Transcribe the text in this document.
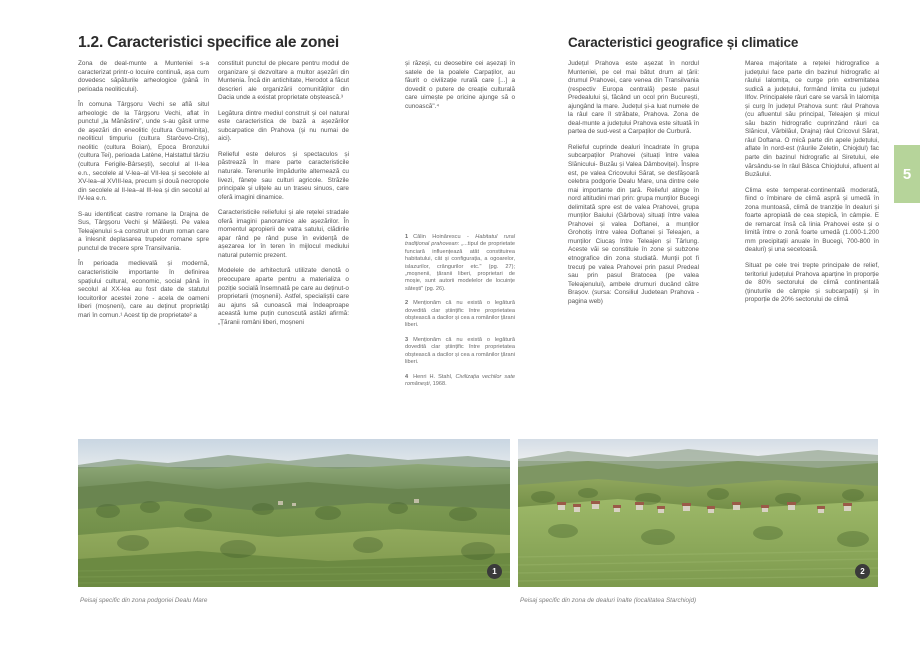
1.2. Caracteristici specifice ale zonei	Caracteristici geografice și climatice

Zona de deal-munte a Munteniei s-a caracterizat printr-o locuire continuă, așa cum dovedesc săpăturile arheologice (până în perioada neoliticului).

În comuna Târgșoru Vechi se află situl arheologic de la Târgșoru Vechi, aflat în punctul „la Mănăstire", unde s-au găsit urme de așezări din eneolitic (cultura Gumelnița), neoliticul timpuriu (cultura Starčevo-Criș), neolitic (cultura Boian), Epoca Bronzului (cultura Tei), perioada Latène, Halstattul târziu (cultura Ferigile-Bârsești), secolul al II-lea e.n., secolele al V-lea–al VII-lea și secolele al XV-lea–al XVIII-lea, precum și două necropole din secolele al II-lea–al III-lea și din secolul al IV-lea e.n.

S-au identificat castre romane la Drajna de Sus, Târgșoru Vechi și Mălăești. Pe valea Teleajenului s-a construit un drum roman care a înlesnit deplasarea trupelor romane spre punctul de trecere spre Transilvania.

În perioada medievală și modernă, caracteristicile importante în definirea spațiului cultural, economic, social până în secolul al XX-lea au fost date de statutul locuitorilor acestei zone - acela de oameni liberi (moșneni), care au deținut proprietăți mari în comun.¹ Acest tip de proprietate² a

constituit punctul de plecare pentru modul de organizare și dezvoltare a multor așezări din Muntenia. Încă din antichitate, Herodot a făcut descrieri ale organizării comunităților din Dacia unde a existat proprietate obștească.³

Legătura dintre mediul construit și cel natural este caracteristica de bază a așezărilor subcarpatice din Prahova (și nu numai de aici).

Relieful este deluros și spectaculos și păstrează în mare parte caracteristicile naturale. Terenurile împădurite alternează cu livezi, fânețe sau culturi agricole. Străzile principale și ulițele au un traseu sinuos, care oferă imagini dinamice.

Caracteristicile reliefului și ale rețelei stradale oferă imagini panoramice ale așezărilor. În momentul apropierii de vatra satului, clădirile apar rând pe rând puse în evidență de așezarea lor în teren în mijlocul mediului natural puternic prezent.

Modelele de arhitectură utilizate denotă o preocupare aparte pentru a materializa o poziție socială însemnată pe care au deținut-o proprietarii (moșnenii). Astfel, specialiștii care au ajuns să cunoască mai îndeaproape această lume puțin cunoscută astăzi afirmă: „Țăranii români liberi, moșneni

și răzeși, cu deosebire cei așezați în satele de la poalele Carpaților, au făurit o civilizație rurală care [...] a dovedit o putere de creație culturală care uimește pe oricine ajunge să o cunoască".⁴

1 Călin Hoinărescu - Habitatul rural tradițional prahovean: „...tipul de proprietate funciară influențează atât constituirea habitatului, cât și configurația, a ogoarelor, islazurilor, crângurilor etc." (pg. 27); „moșnenii, țăranii liberi, proprietari de moșie, sunt autorii modelelor de locuințe sătești" (pg. 26).

2 Menționăm că nu există o legătură dovedită clar științific între proprietatea obștească a dacilor și cea a românilor țărani liberi.

3 Menționăm că nu există o legătură dovedită clar științific între proprietatea obștească a dacilor și cea a românilor țărani liberi.

4 Henri H. Stahl, Civilizația vechilor sate românești, 1968.

Județul Prahova este așezat în nordul Munteniei, pe cel mai bătut drum al țării: drumul Prahovei, care venea din Transilvania (respectiv Europa centrală) peste pasul Predealului și, făcând un ocol prin București, ajungând la mare. Județul și-a luat numele de la râul care îl străbate, Prahova. Zona de deal-munte a județului Prahova este situată în partea de sud-vest a Carpaților de Curbură.

Relieful cuprinde dealuri încadrate în grupa subcarpaților Prahovei (situați între valea Slănicului- Buzău și Valea Dâmboviței). Înspre est, pe valea Cricovului Sărat, se desfășoară celebra podgorie Dealu Mare, una dintre cele mai importante din țară. Relieful atinge în nord altitudini mari prin: grupa munților Bucegi delimitată spre est de valea Prahovei, grupa munților Baiului (Gârbova) situați între valea Prahovei și valea Doftanei, a munților Grohotiș între valea Doftanei și Teleajen, a munților Ciucaș între Teleajen și Tărlung. Aceste văi se constituie în zone și subzone etnografice din zona studiată. Munții pot fi trecuți pe valea Prahovei prin pasul Predeal sau prin pasul Bratocea (pe valea Teleajenului), ambele drumuri ducând către Brașov. (sursa: Consiliul Judetean Prahova - pagina web)

Marea majoritate a rețelei hidrografice a județului face parte din bazinul hidrografic al râului Ialomița, ce curge prin extremitatea sudică a județului, formând limita cu județul Ilfov. Principalele râuri care se varsă în Ialomița și curg în județul Prahova sunt: râul Prahova (cu afluentul său principal, Teleajen și micul său bazin hidrografic cuprinzând râuri ca Slănicul, Vărbilăul, Drajna) râul Cricovul Sărat, râul Doftana. O mică parte din apele județului, aflate în nord-est (râurile Zeletin, Chiojdul) fac parte din bazinul hidrografic al Siretului, ele vărsându-se în râul Bâsca Chiojdului, afluent al Buzăului.

Clima este temperat-continentală moderată, fiind o îmbinare de climă aspră și umedă în zona muntoasă, climă de tranziție în dealuri și foarte apropiată de cea stepică, în câmpie. E de remarcat însă că linia Prahovei este și o limită între o zonă foarte umedă (1.000-1.200 mm precipitații anuale în Bucegi, 700-800 în dealuri) și una secetoasă.

Situat pe cele trei trepte principale de relief, teritoriul județului Prahova aparține în proporție de 80% sectorului de climă continentală (ținuturile de câmpie și subcarpații) și în proporție de 20% sectorului de climă

5
1	2
Peisaj specific din zona podgoriei Dealu Mare	Peisaj specific din zona de dealuri înalte (localitatea Starchiojd)
